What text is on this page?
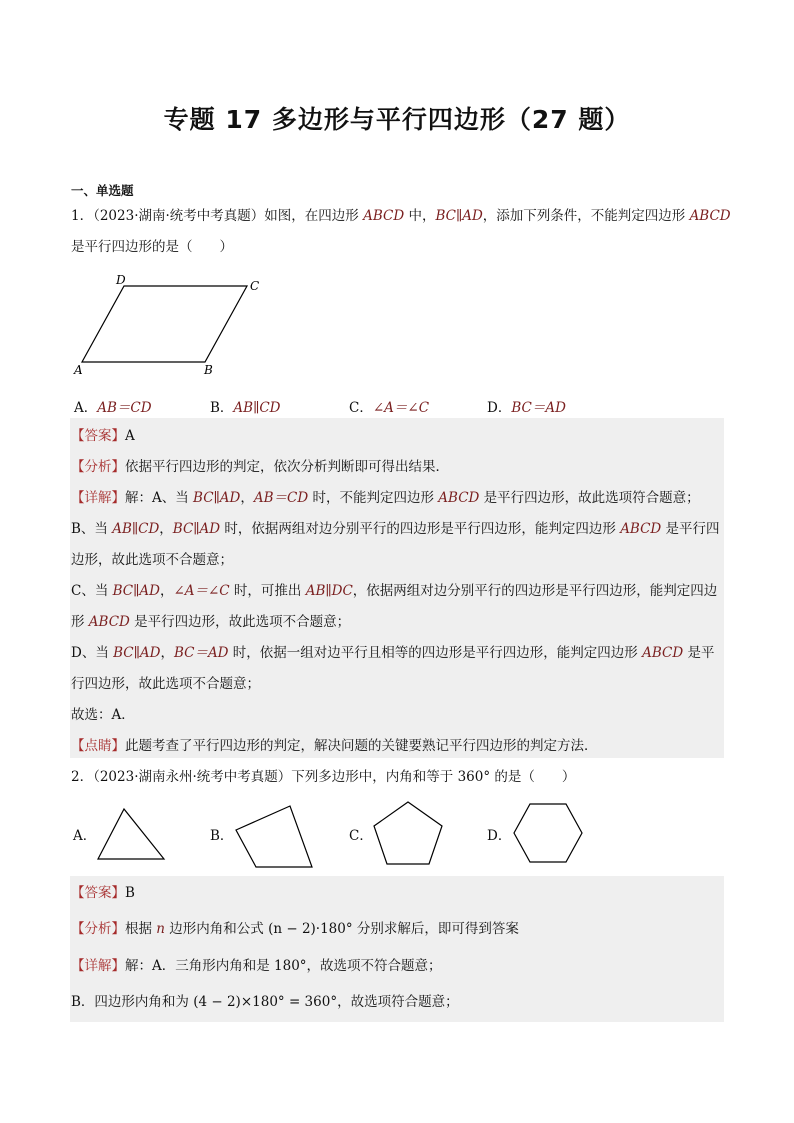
专题 17 多边形与平行四边形（27 题）
一、单选题
1．（2023·湖南·统考中考真题）如图，在四边形 ABCD 中，BC∥AD，添加下列条件，不能判定四边形 ABCD
是平行四边形的是（　　）
A	B
C
D
A．AB＝CD	B．AB∥CD	C．∠A＝∠C	D．BC＝AD
【答案】A
【分析】依据平行四边形的判定，依次分析判断即可得出结果．
【详解】解：A、当 BC∥AD，AB＝CD 时，不能判定四边形 ABCD 是平行四边形，故此选项符合题意；
B、当 AB∥CD，BC∥AD 时，依据两组对边分别平行的四边形是平行四边形，能判定四边形 ABCD 是平行四
边形，故此选项不合题意；
C、当 BC∥AD，∠A＝∠C 时，可推出 AB∥DC，依据两组对边分别平行的四边形是平行四边形，能判定四边
形 ABCD 是平行四边形，故此选项不合题意；
D、当 BC∥AD，BC＝AD 时，依据一组对边平行且相等的四边形是平行四边形，能判定四边形 ABCD 是平
行四边形，故此选项不合题意；
故选：A．
【点睛】此题考查了平行四边形的判定，解决问题的关键要熟记平行四边形的判定方法．
2．（2023·湖南永州·统考中考真题）下列多边形中，内角和等于 360° 的是（　　）
A．	B．	C．	D．
【答案】B
【分析】根据 n 边形内角和公式 (n − 2)·180° 分别求解后，即可得到答案
【详解】解：A．三角形内角和是 180°，故选项不符合题意；
B．四边形内角和为 (4 − 2)×180° = 360°，故选项符合题意；
